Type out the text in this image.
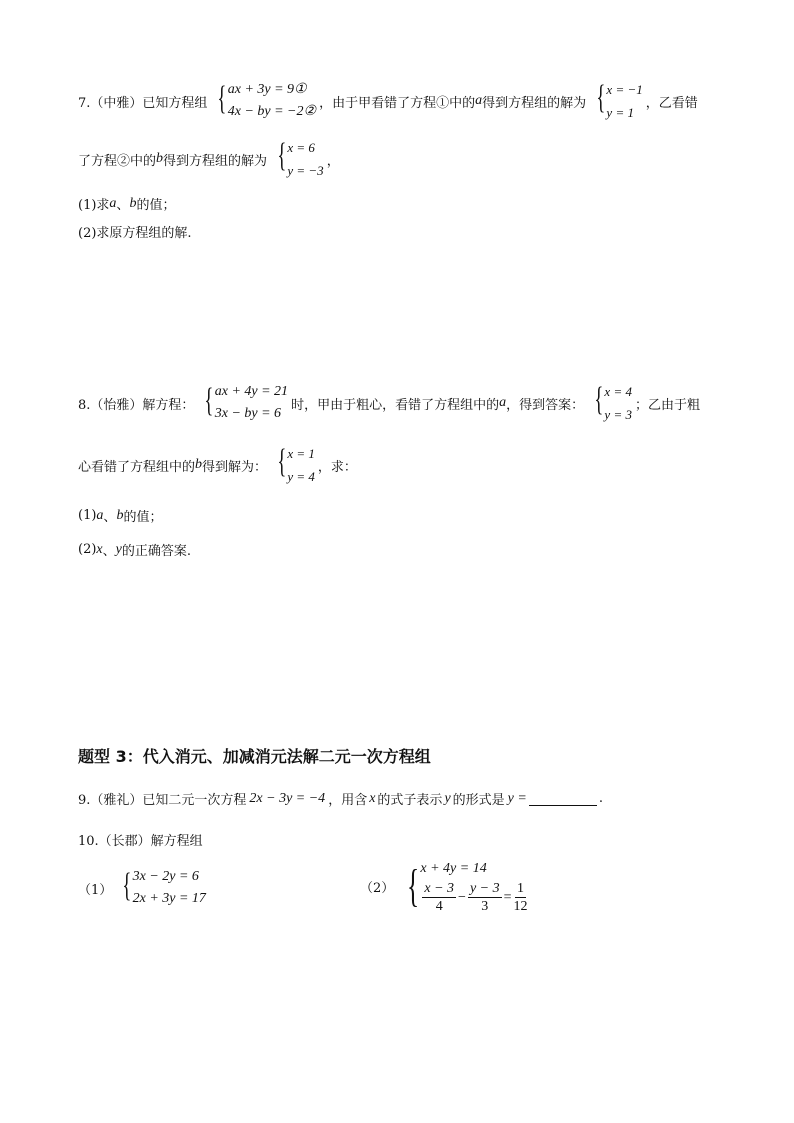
7.（中雅）已知方程组 { ax + 3y = 9①
4x − by = −2②
，由于甲看错了方程①中的 a 得到方程组的解为 { x = −1
y = 1
，乙看错
了方程②中的 b 得到方程组的解为 { x = 6
y = −3
，
(1)求 a 、 b 的值；
(2)求原方程组的解.
8.（怡雅）解方程： { ax + 4y = 21
3x − by = 6
时，甲由于粗心，看错了方程组中的 a ，得到答案： { x = 4
y = 3
；乙由于粗
心看错了方程组中的 b 得到解为： { x = 1
y = 4
，求：
(1) a 、 b 的值；
(2) x 、 y 的正确答案.
题型 3：代入消元、加减消元法解二元一次方程组
9.（雅礼）已知二元一次方程 2x − 3y = −4 ，用含 x 的式子表示 y 的形式是 y =	.
10.（长郡）解方程组
（1） { 3x − 2y = 6
2x + 3y = 17
（2） { x + 4y = 14
$\frac{x - 3}{4} - \frac{y - 3}{3} = \frac{1}{12}$
